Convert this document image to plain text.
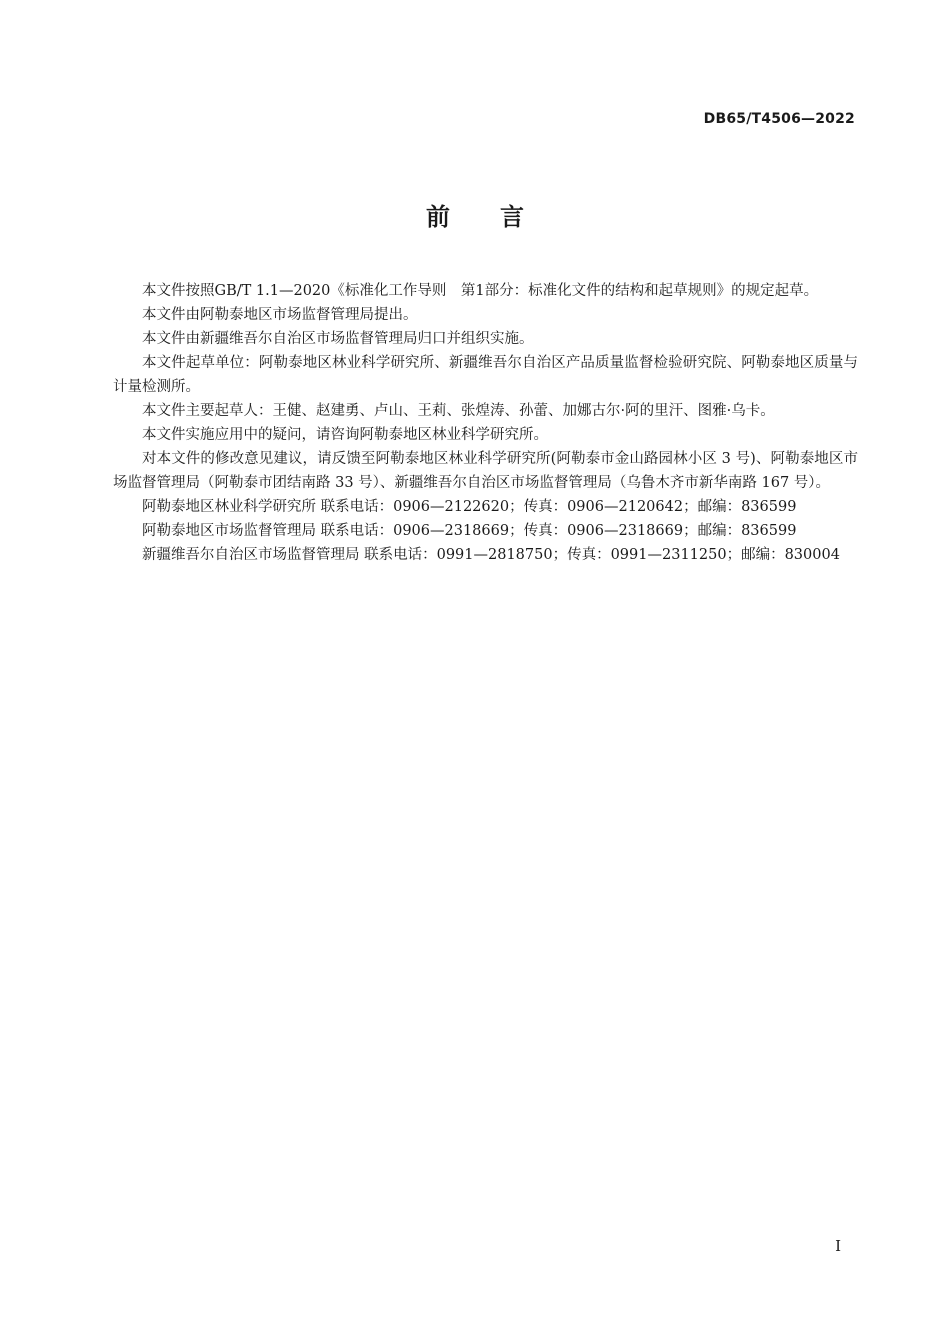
DB65/T4506—2022
前言

本文件按照GB/T 1.1—2020《标准化工作导则　第1部分：标准化文件的结构和起草规则》的规定起草。

本文件由阿勒泰地区市场监督管理局提出。

本文件由新疆维吾尔自治区市场监督管理局归口并组织实施。

本文件起草单位：阿勒泰地区林业科学研究所、新疆维吾尔自治区产品质量监督检验研究院、阿勒泰地区质量与计量检测所。

本文件主要起草人：王健、赵建勇、卢山、王莉、张煌涛、孙蕾、加娜古尔·阿的里汗、图雅·乌卡。

本文件实施应用中的疑问，请咨询阿勒泰地区林业科学研究所。

对本文件的修改意见建议，请反馈至阿勒泰地区林业科学研究所(阿勒泰市金山路园林小区 3 号)、阿勒泰地区市场监督管理局（阿勒泰市团结南路 33 号）、新疆维吾尔自治区市场监督管理局（乌鲁木齐市新华南路 167 号）。

阿勒泰地区林业科学研究所 联系电话：0906—2122620；传真：0906—2120642；邮编：836599

阿勒泰地区市场监督管理局 联系电话：0906—2318669；传真：0906—2318669；邮编：836599

新疆维吾尔自治区市场监督管理局 联系电话：0991—2818750；传真：0991—2311250；邮编：830004

I
